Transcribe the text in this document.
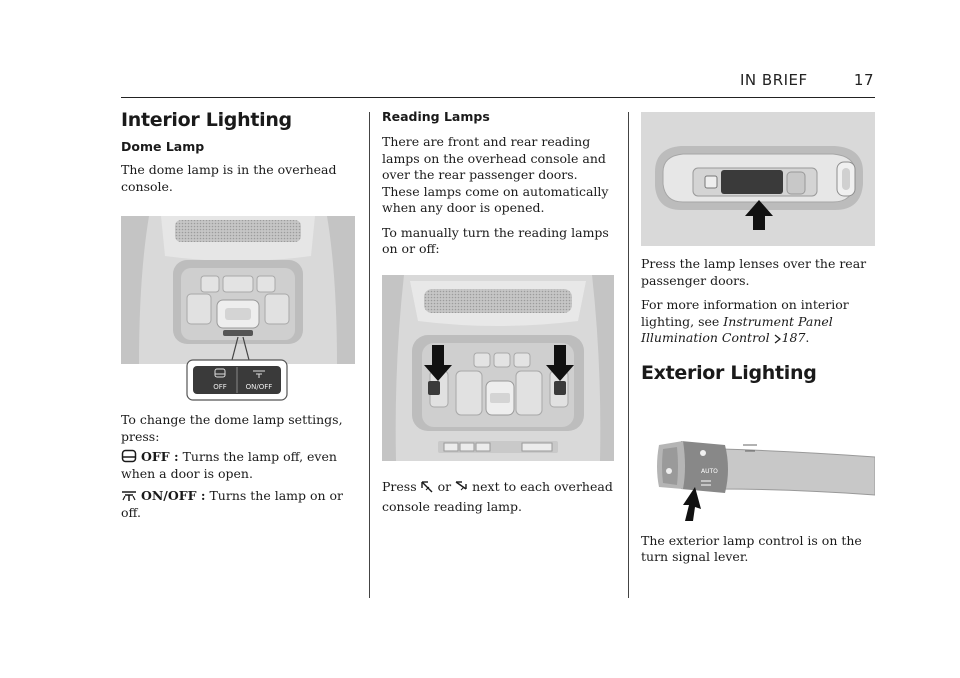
IN BRIEF	17
Interior Lighting
Dome Lamp

The dome lamp is in the overhead console.

OFF	ON/OFF

To change the dome lamp settings, press:

OFF : Turns the lamp off, even when a door is open.

ON/OFF : Turns the lamp on or off.

Reading Lamps

There are front and rear reading lamps on the overhead console and over the rear passenger doors. These lamps come on automatically when any door is opened.

To manually turn the reading lamps on or off:

Press or next to each overhead console reading lamp.

Press the lamp lenses over the rear passenger doors.

For more information on interior lighting, see Instrument Panel Illumination Control 187.

Exterior Lighting
AUTO

The exterior lamp control is on the turn signal lever.
